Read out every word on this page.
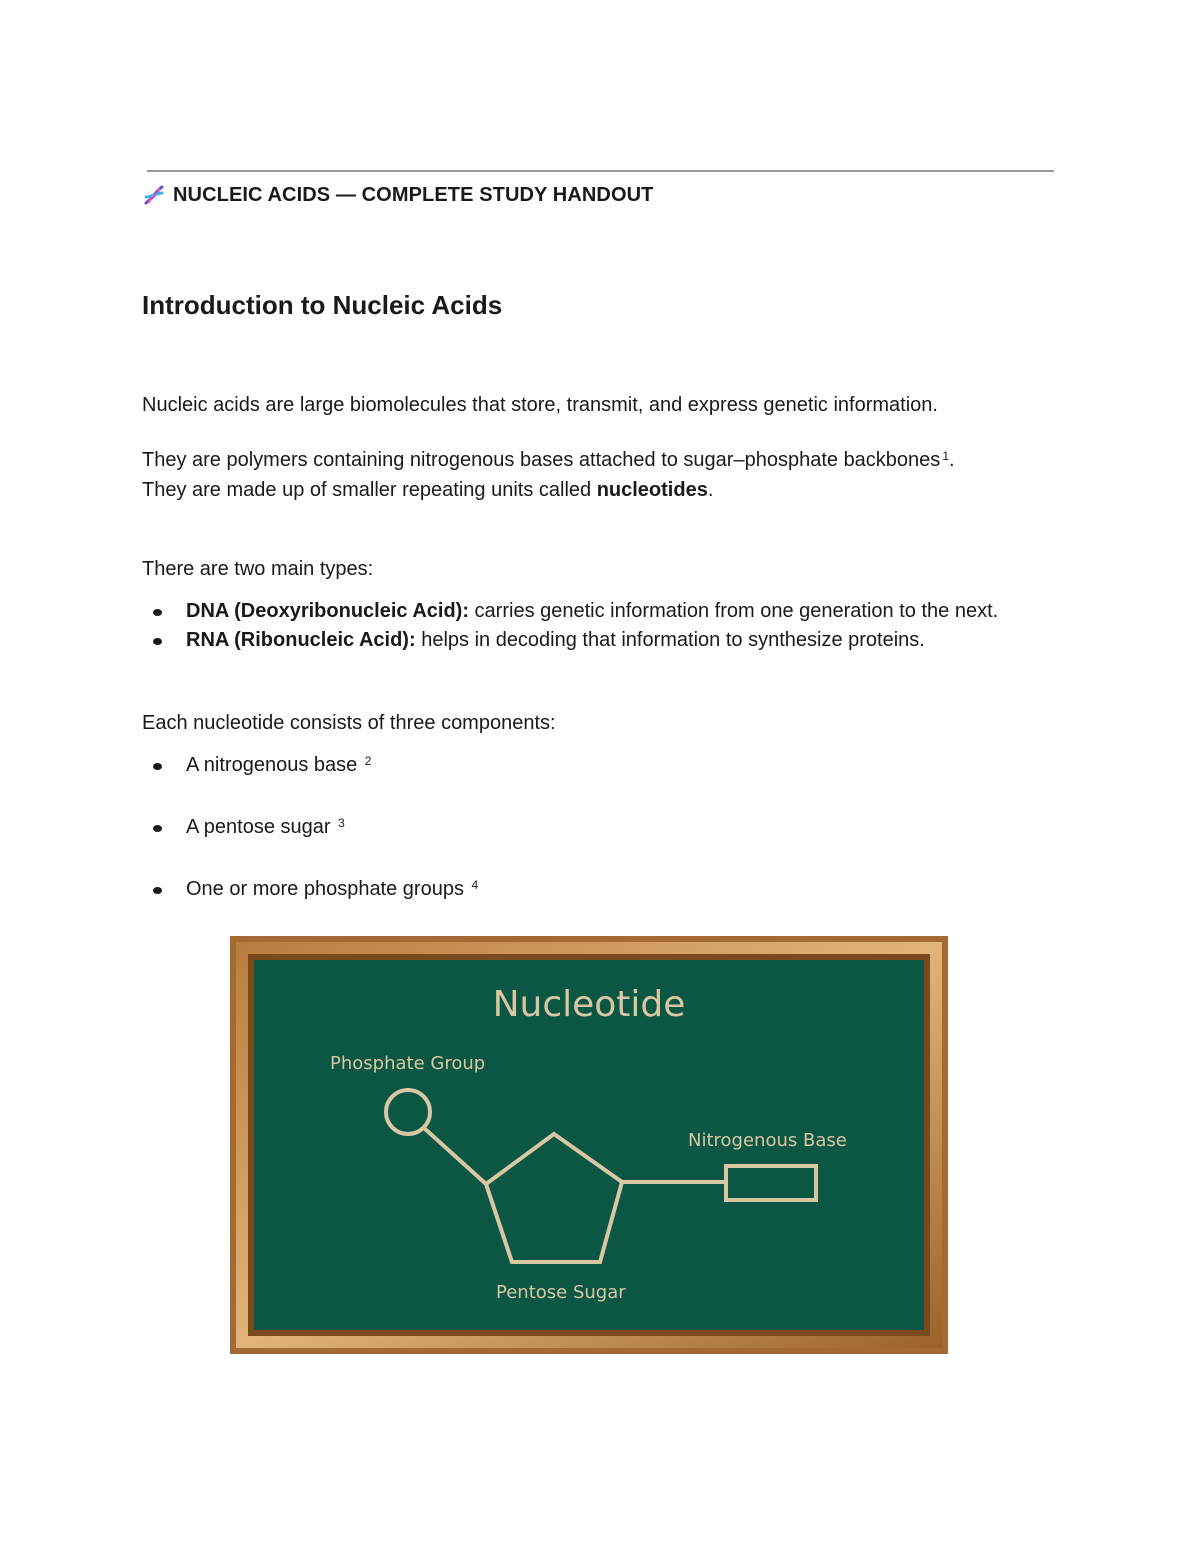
NUCLEIC ACIDS — COMPLETE STUDY HANDOUT
Introduction to Nucleic Acids

Nucleic acids are large biomolecules that store, transmit, and express genetic information.

They are polymers containing nitrogenous bases attached to sugar–phosphate backbones $^1$.
They are made up of smaller repeating units called nucleotides.

There are two main types:

DNA (Deoxyribonucleic Acid): carries genetic information from one generation to the next.
RNA (Ribonucleic Acid): helps in decoding that information to synthesize proteins.

Each nucleotide consists of three components:

A nitrogenous base $^2$
A pentose sugar $^3$
One or more phosphate groups $^4$
Nucleotide
Phosphate Group
Nitrogenous Base
Pentose Sugar
